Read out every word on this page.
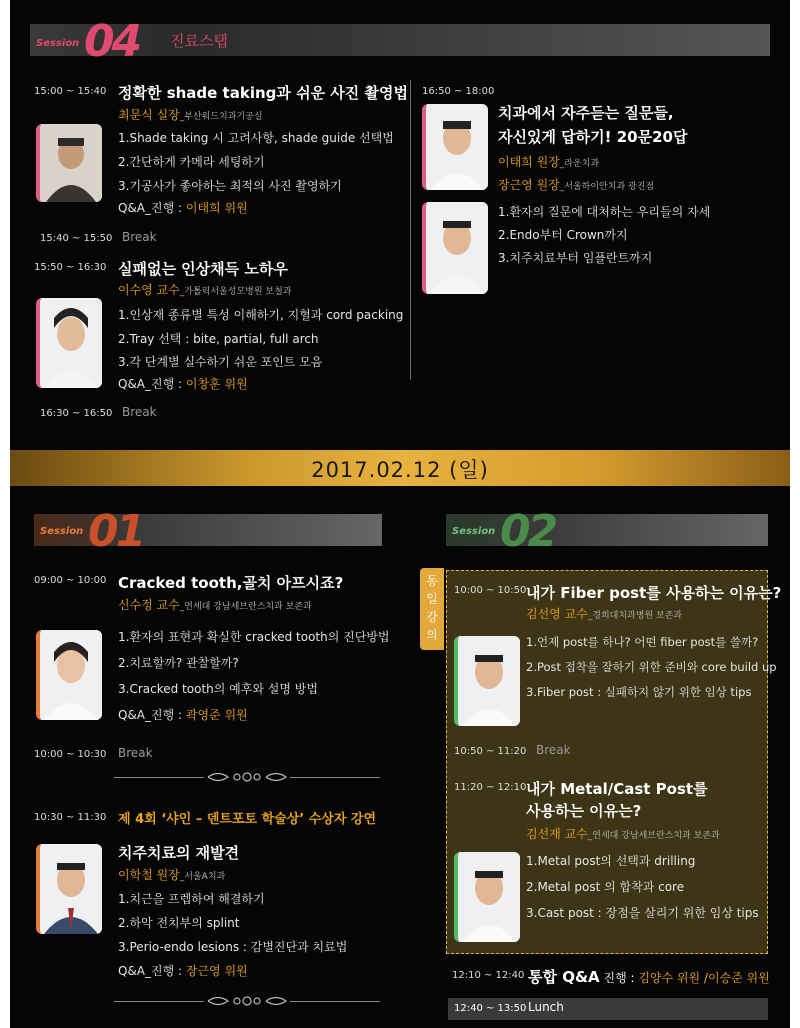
Session 04 진료스탭
15:00 ~ 15:40 정확한 shade taking과 쉬운 사진 촬영법
최문식 실장_부산워드치과기공실
1.Shade taking 시 고려사항, shade guide 선택법
2.간단하게 카메라 세팅하기
3.기공사가 좋아하는 최적의 사진 촬영하기
Q&A_진행 : 이태희 위원
15:40 ~ 15:50 Break
15:50 ~ 16:30 실패없는 인상채득 노하우
이수영 교수_가톨릭서울성모병원 보철과
1.인상재 종류별 특성 이해하기, 지혈과 cord packing
2.Tray 선택 : bite, partial, full arch
3.각 단계별 실수하기 쉬운 포인트 모음
Q&A_진행 : 이창훈 위원
16:30 ~ 16:50 Break
16:50 ~ 18:00
치과에서 자주듣는 질문들,
자신있게 답하기! 20문20답
이태희 원장_라운치과
장근영 원장_서울하이안치과 광진점
1.환자의 질문에 대처하는 우리들의 자세
2.Endo부터 Crown까지
3.치주치료부터 임플란트까지
2017.02.12 (일)
Session 01
09:00 ~ 10:00 Cracked tooth,골치 아프시죠?
신수정 교수_연세대 강남세브란스치과 보존과
1.환자의 표현과 확실한 cracked tooth의 진단방법
2.치료할까? 관찰할까?
3.Cracked tooth의 예후와 설명 방법
Q&A_진행 : 곽영준 위원
10:00 ~ 10:30 Break
10:30 ~ 11:30 제 4회 ‘샤인 – 덴트포토 학술상’ 수상자 강연
치주치료의 재발견
이학철 원장_서울A치과
1.치근을 프렙하여 해결하기
2.하악 전치부의 splint
3.Perio-endo lesions : 감별진단과 치료법
Q&A_진행 : 장근영 위원
Session 02
동
일
강
의
10:00 ~ 10:50 내가 Fiber post를 사용하는 이유는?
김선영 교수_경희대치과병원 보존과
1.언제 post를 하나? 어떤 fiber post를 쓸까?
2.Post 접착을 잘하기 위한 준비와 core build up
3.Fiber post : 실패하지 않기 위한 임상 tips
10:50 ~ 11:20 Break
11:20 ~ 12:10 내가 Metal/Cast Post를
사용하는 이유는?
김선재 교수_연세대 강남세브란스치과 보존과
1.Metal post의 선택과 drilling
2.Metal post 의 합착과 core
3.Cast post : 장점을 살리기 위한 임상 tips
12:10 ~ 12:40 통합 Q&A 진행 : 김양수 위원 /이승준 위원
12:40 ~ 13:50 Lunch
